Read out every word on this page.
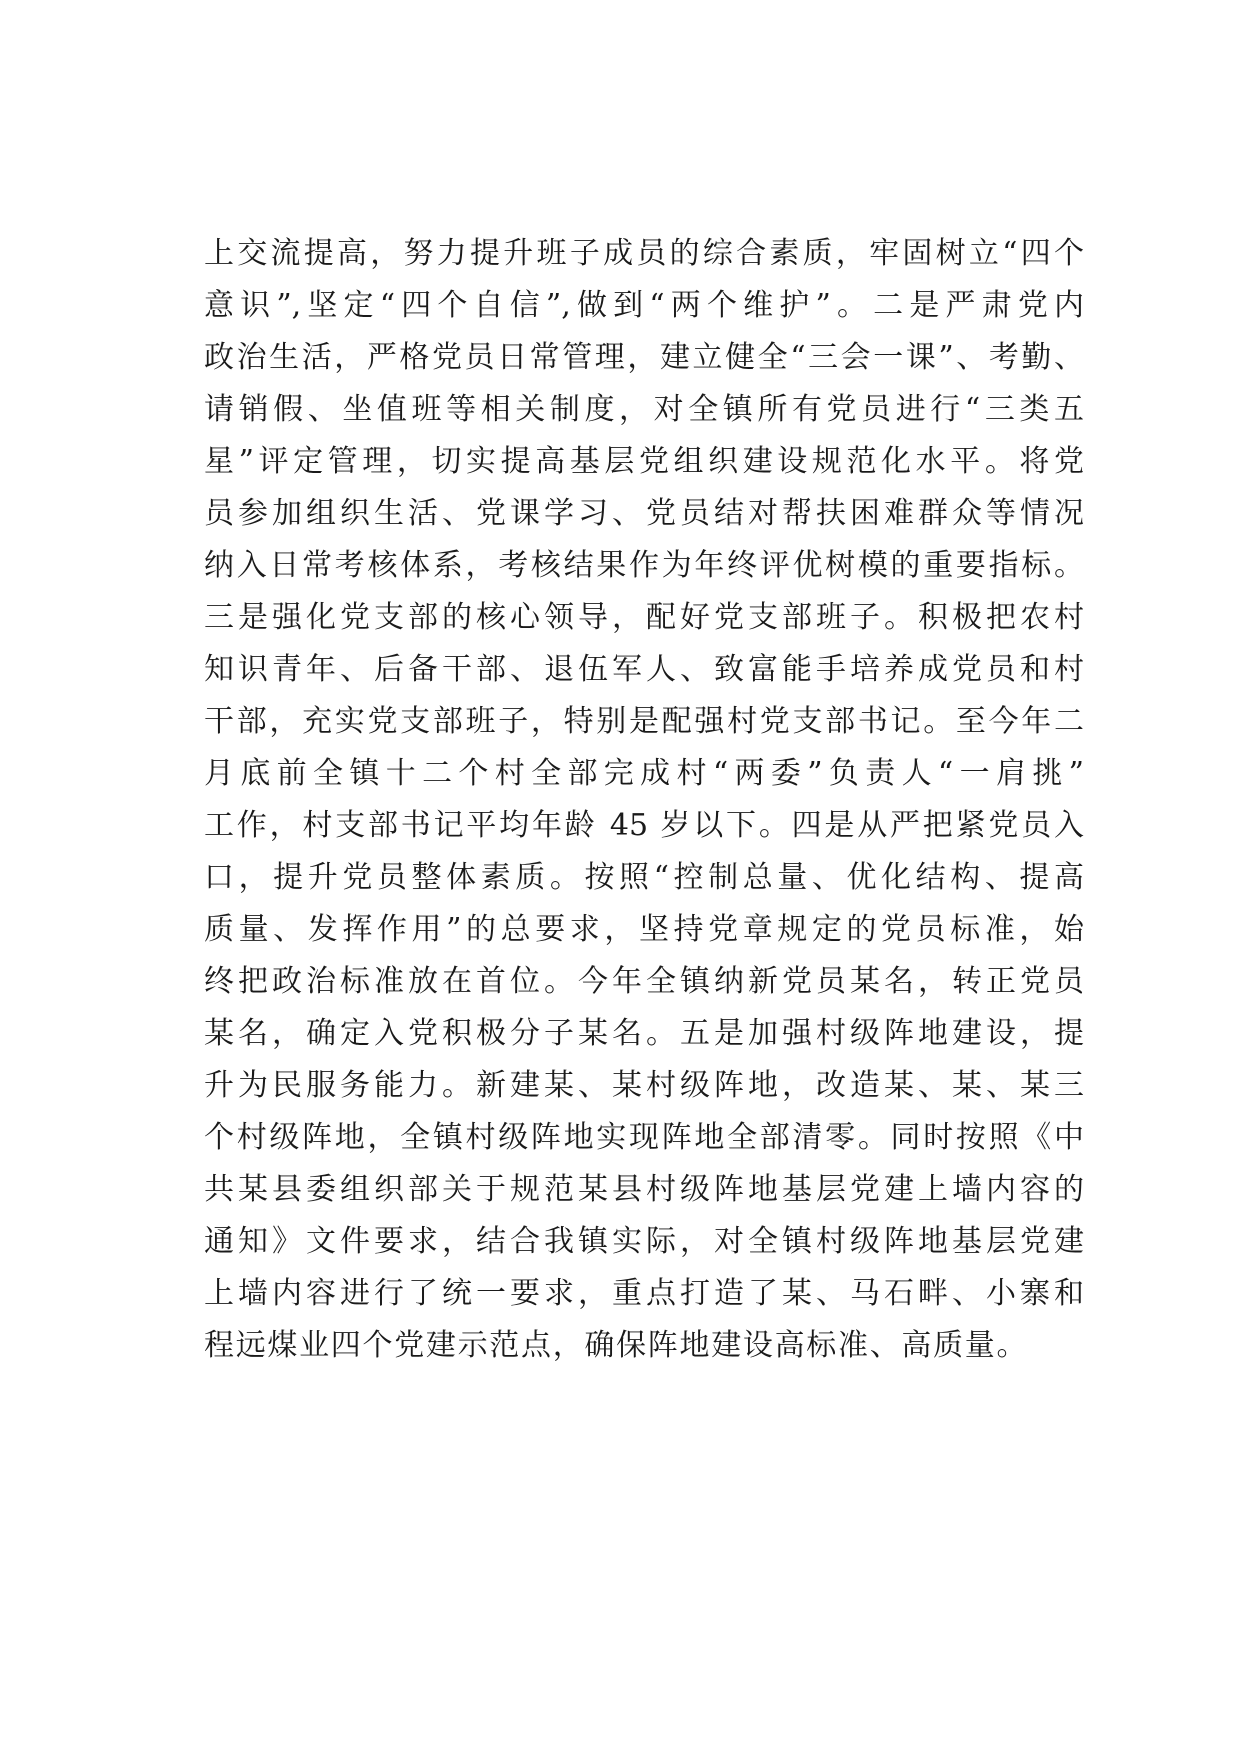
上交流提高，努力提升班子成员的综合素质，牢固树立“四个
意识”,坚定“四个自信”,做到“两个维护”。二是严肃党内
政治生活，严格党员日常管理，建立健全“三会一课”、考勤、
请销假、坐值班等相关制度，对全镇所有党员进行“三类五
星”评定管理，切实提高基层党组织建设规范化水平。将党
员参加组织生活、党课学习、党员结对帮扶困难群众等情况
纳入日常考核体系，考核结果作为年终评优树模的重要指标。
三是强化党支部的核心领导，配好党支部班子。积极把农村
知识青年、后备干部、退伍军人、致富能手培养成党员和村
干部，充实党支部班子，特别是配强村党支部书记。至今年二
月底前全镇十二个村全部完成村“两委”负责人“一肩挑”
工作，村支部书记平均年龄 45 岁以下。四是从严把紧党员入
口，提升党员整体素质。按照“控制总量、优化结构、提高
质量、发挥作用”的总要求，坚持党章规定的党员标准，始
终把政治标准放在首位。今年全镇纳新党员某名，转正党员
某名，确定入党积极分子某名。五是加强村级阵地建设，提
升为民服务能力。新建某、某村级阵地，改造某、某、某三
个村级阵地，全镇村级阵地实现阵地全部清零。同时按照《中
共某县委组织部关于规范某县村级阵地基层党建上墙内容的
通知》文件要求，结合我镇实际，对全镇村级阵地基层党建
上墙内容进行了统一要求，重点打造了某、马石畔、小寨和
程远煤业四个党建示范点，确保阵地建设高标准、高质量。
